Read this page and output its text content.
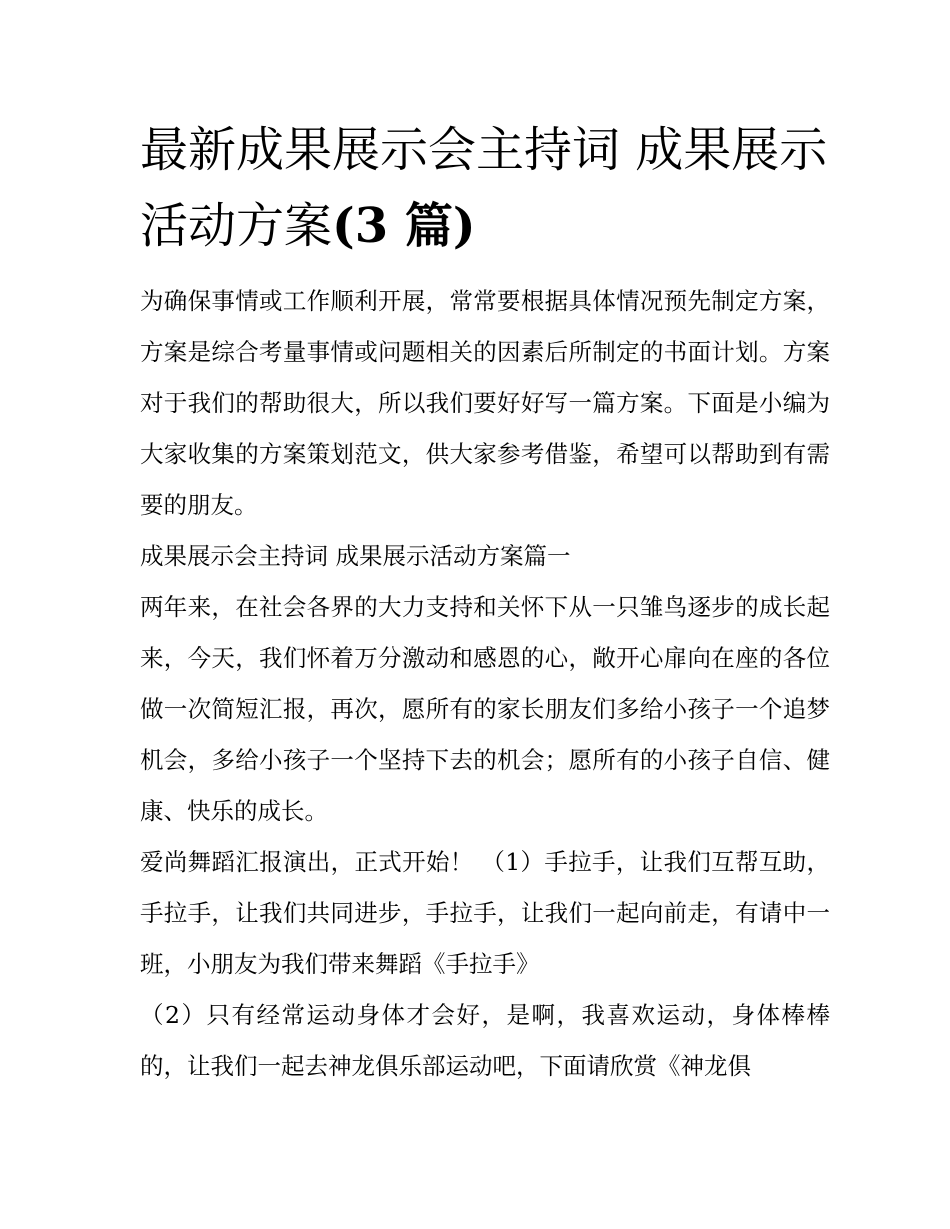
最新成果展示会主持词 成果展示活动方案(3 篇)

为确保事情或工作顺利开展，常常要根据具体情况预先制定方案，方案是综合考量事情或问题相关的因素后所制定的书面计划。方案对于我们的帮助很大，所以我们要好好写一篇方案。下面是小编为大家收集的方案策划范文，供大家参考借鉴，希望可以帮助到有需要的朋友。

成果展示会主持词 成果展示活动方案篇一

两年来，在社会各界的大力支持和关怀下从一只雏鸟逐步的成长起来，今天，我们怀着万分激动和感恩的心，敞开心扉向在座的各位做一次简短汇报，再次，愿所有的家长朋友们多给小孩子一个追梦机会，多给小孩子一个坚持下去的机会；愿所有的小孩子自信、健康、快乐的成长。

爱尚舞蹈汇报演出，正式开始！ （1）手拉手，让我们互帮互助，手拉手，让我们共同进步，手拉手，让我们一起向前走，有请中一班，小朋友为我们带来舞蹈《手拉手》

（2）只有经常运动身体才会好，是啊，我喜欢运动，身体棒棒的，让我们一起去神龙俱乐部运动吧，下面请欣赏《神龙俱
